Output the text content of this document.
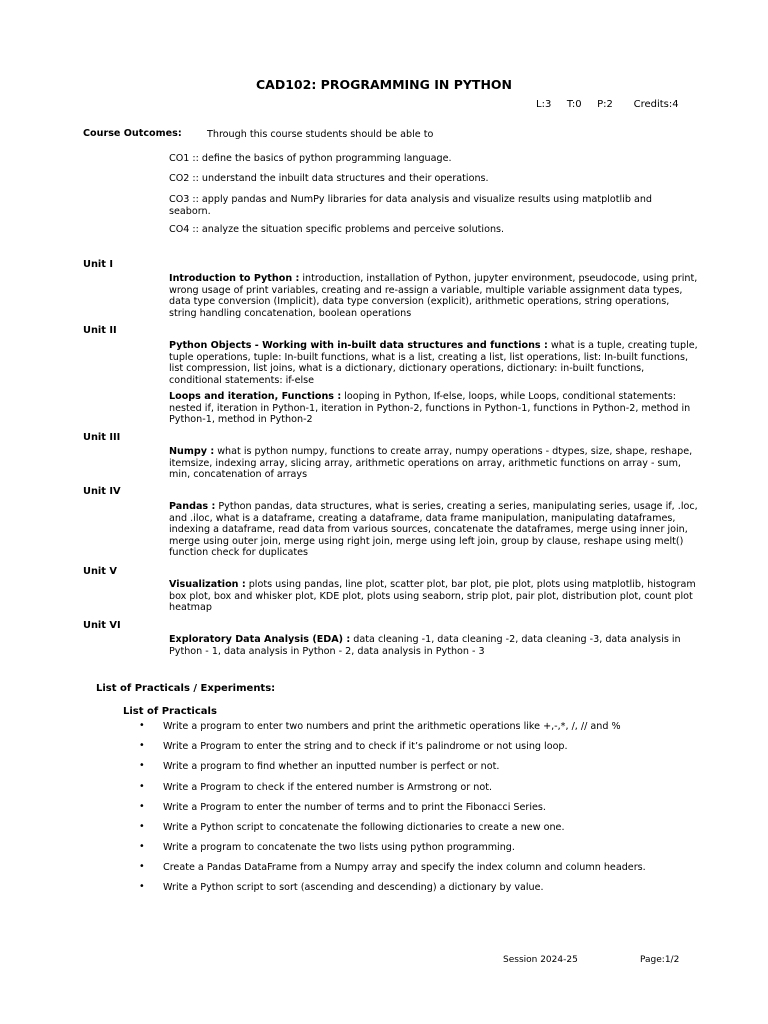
CAD102: PROGRAMMING IN PYTHON
L:3   T:0   P:2    Credits:4
Course Outcomes:	Through this course students should be able to
CO1 :: define the basics of python programming language.
CO2 :: understand the inbuilt data structures and their operations.
CO3 :: apply pandas and NumPy libraries for data analysis and visualize results using matplotlib and seaborn.
CO4 :: analyze the situation specific problems and perceive solutions.
Unit I
Introduction to Python : introduction, installation of Python, jupyter environment, pseudocode, using print, wrong usage of print variables, creating and re-assign a variable, multiple variable assignment data types, data type conversion (Implicit), data type conversion (explicit), arithmetic operations, string operations, string handling concatenation, boolean operations
Unit II
Python Objects - Working with in-built data structures and functions : what is a tuple, creating tuple, tuple operations, tuple: In-built functions, what is a list, creating a list, list operations, list: In-built functions, list compression, list joins, what is a dictionary, dictionary operations, dictionary: in-built functions, conditional statements: if-else
Loops and iteration, Functions : looping in Python, If-else, loops, while Loops, conditional statements: nested if, iteration in Python-1, iteration in Python-2, functions in Python-1, functions in Python-2, method in Python-1, method in Python-2
Unit III
Numpy : what is python numpy, functions to create array, numpy operations - dtypes, size, shape, reshape, itemsize, indexing array, slicing array, arithmetic operations on array, arithmetic functions on array - sum, min, concatenation of arrays
Unit IV
Pandas : Python pandas, data structures, what is series, creating a series, manipulating series, usage if, .loc, and .iloc, what is a dataframe, creating a dataframe, data frame manipulation, manipulating dataframes, indexing a dataframe, read data from various sources, concatenate the dataframes, merge using inner join, merge using outer join, merge using right join, merge using left join, group by clause, reshape using melt() function check for duplicates
Unit V
Visualization : plots using pandas, line plot, scatter plot, bar plot, pie plot, plots using matplotlib, histogram box plot, box and whisker plot, KDE plot, plots using seaborn, strip plot, pair plot, distribution plot, count plot heatmap
Unit VI
Exploratory Data Analysis (EDA) : data cleaning -1, data cleaning -2, data cleaning -3, data analysis in Python - 1, data analysis in Python - 2, data analysis in Python - 3
List of Practicals / Experiments:
List of Practicals
• Write a program to enter two numbers and print the arithmetic operations like +,-,*, /, // and %
• Write a Program to enter the string and to check if it’s palindrome or not using loop.
• Write a program to find whether an inputted number is perfect or not.
• Write a Program to check if the entered number is Armstrong or not.
• Write a Program to enter the number of terms and to print the Fibonacci Series.
• Write a Python script to concatenate the following dictionaries to create a new one.
• Write a program to concatenate the two lists using python programming.
• Create a Pandas DataFrame from a Numpy array and specify the index column and column headers.
• Write a Python script to sort (ascending and descending) a dictionary by value.
Session 2024-25	Page:1/2
